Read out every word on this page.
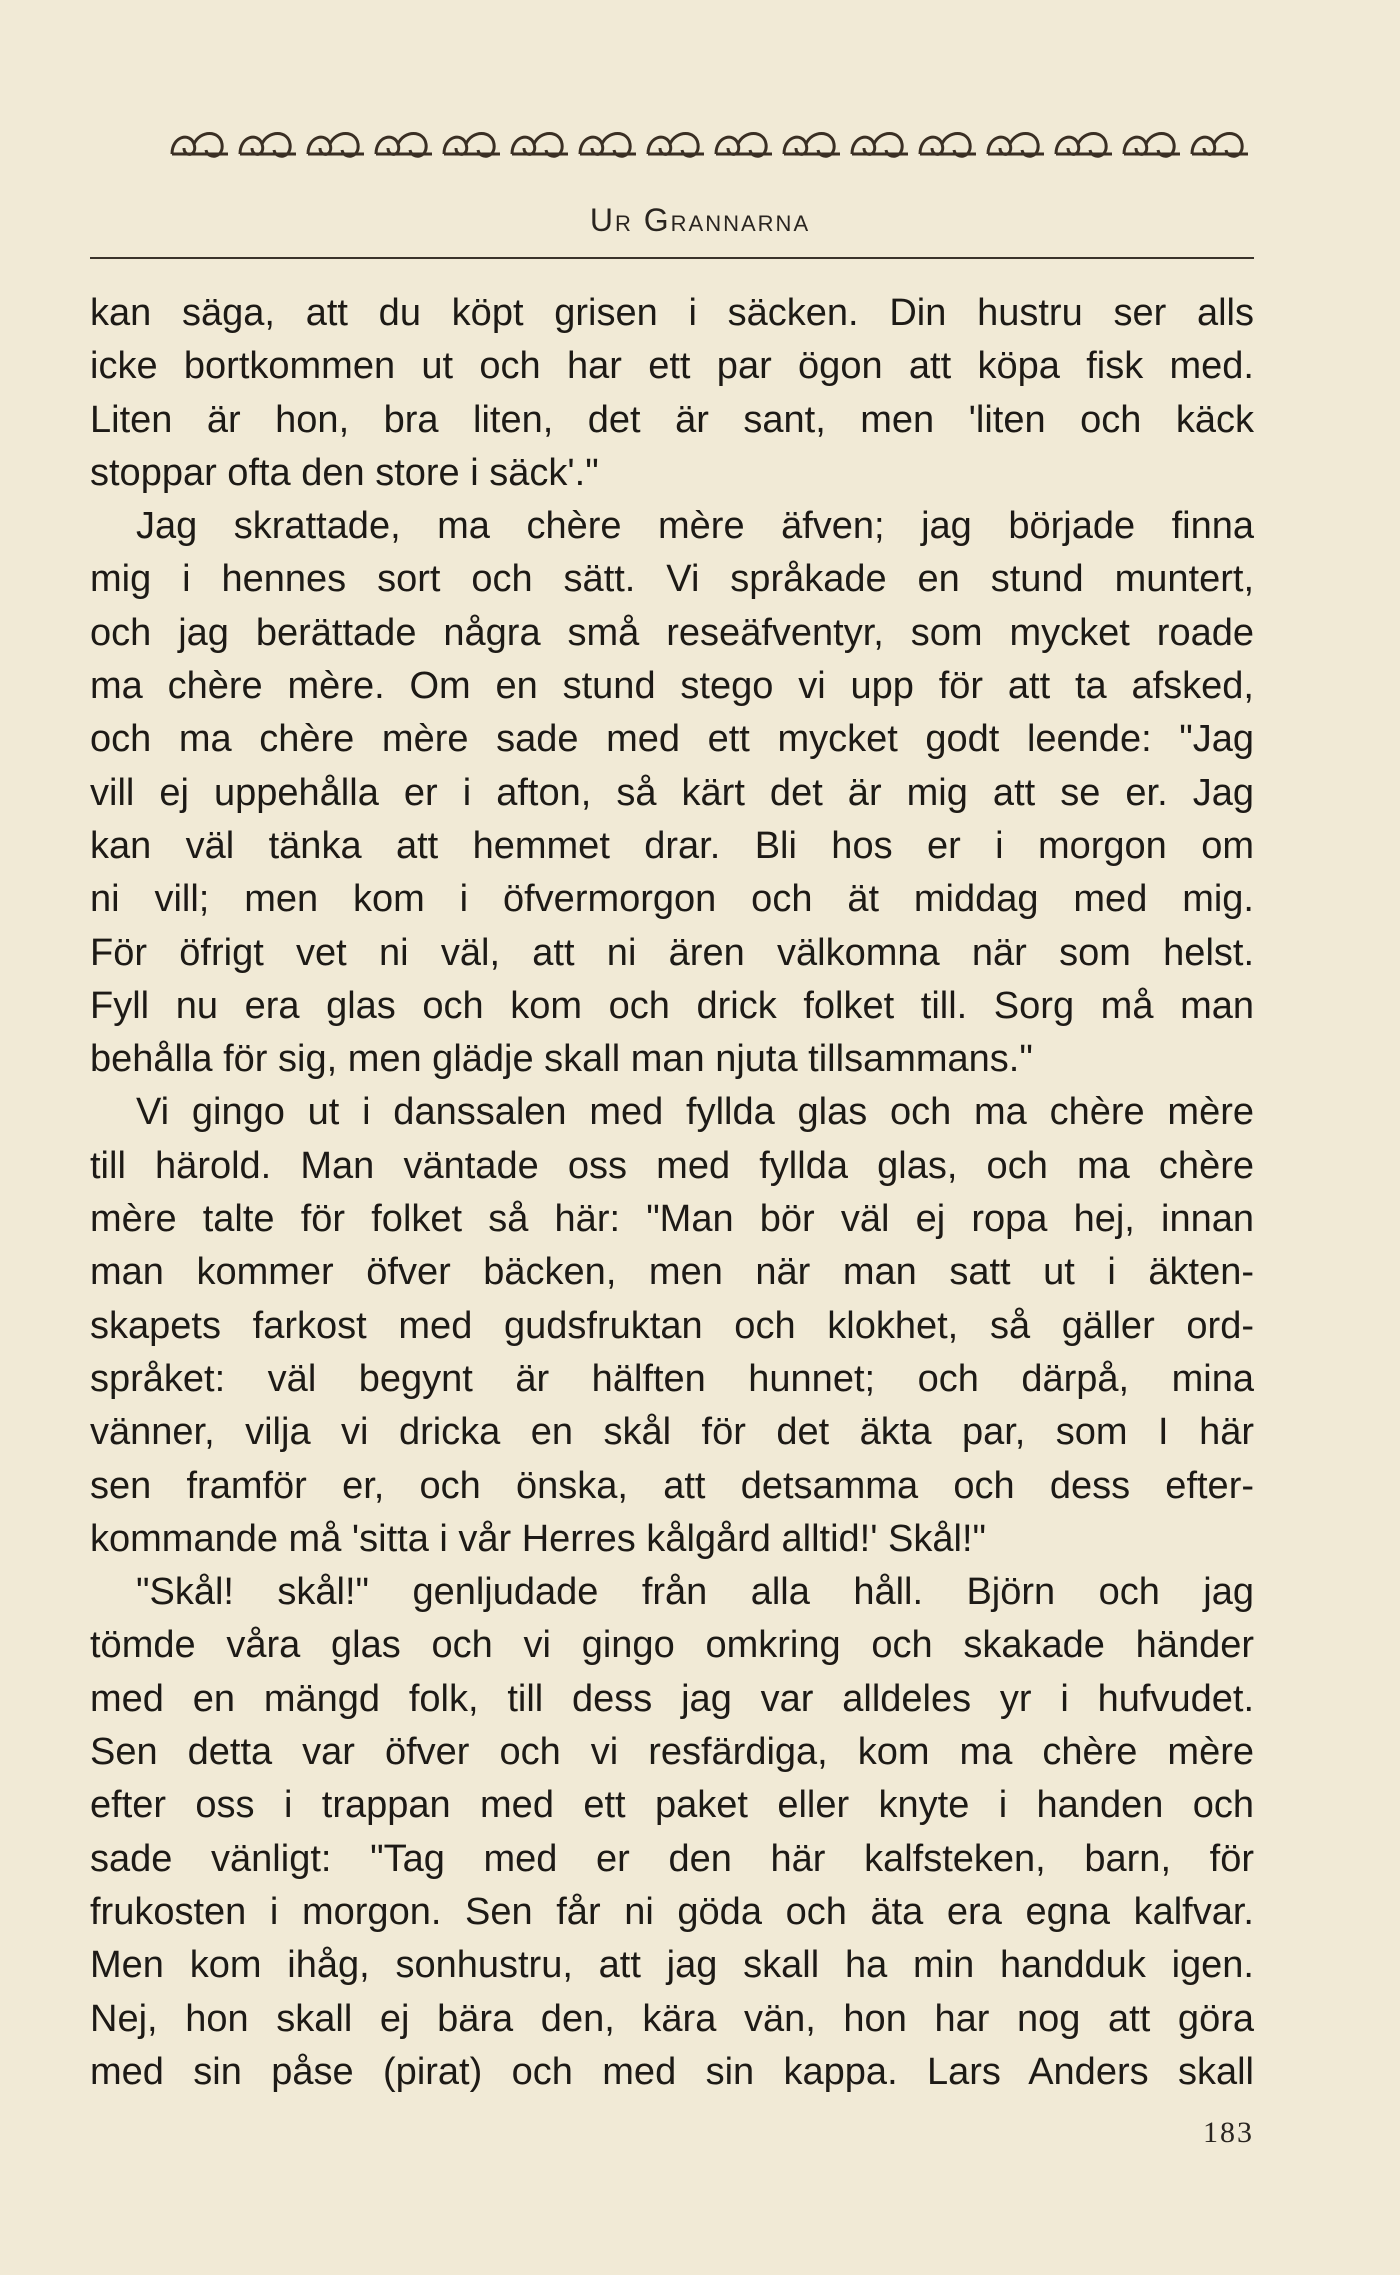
Ur Grannarna
kan säga, att du köpt grisen i säcken. Din hustru ser alls
icke bortkommen ut och har ett par ögon att köpa fisk med.
Liten är hon, bra liten, det är sant, men 'liten och käck
stoppar ofta den store i säck'."
Jag skrattade, ma chère mère äfven; jag började finna
mig i hennes sort och sätt. Vi språkade en stund muntert,
och jag berättade några små reseäfventyr, som mycket roade
ma chère mère. Om en stund stego vi upp för att ta afsked,
och ma chère mère sade med ett mycket godt leende: "Jag
vill ej uppehålla er i afton, så kärt det är mig att se er. Jag
kan väl tänka att hemmet drar. Bli hos er i morgon om
ni vill; men kom i öfvermorgon och ät middag med mig.
För öfrigt vet ni väl, att ni ären välkomna när som helst.
Fyll nu era glas och kom och drick folket till. Sorg må man
behålla för sig, men glädje skall man njuta tillsammans."
Vi gingo ut i danssalen med fyllda glas och ma chère mère
till härold. Man väntade oss med fyllda glas, och ma chère
mère talte för folket så här: "Man bör väl ej ropa hej, innan
man kommer öfver bäcken, men när man satt ut i äkten-
skapets farkost med gudsfruktan och klokhet, så gäller ord-
språket: väl begynt är hälften hunnet; och därpå, mina
vänner, vilja vi dricka en skål för det äkta par, som I här
sen framför er, och önska, att detsamma och dess efter-
kommande må 'sitta i vår Herres kålgård alltid!' Skål!"
"Skål! skål!" genljudade från alla håll. Björn och jag
tömde våra glas och vi gingo omkring och skakade händer
med en mängd folk, till dess jag var alldeles yr i hufvudet.
Sen detta var öfver och vi resfärdiga, kom ma chère mère
efter oss i trappan med ett paket eller knyte i handen och
sade vänligt: "Tag med er den här kalfsteken, barn, för
frukosten i morgon. Sen får ni göda och äta era egna kalfvar.
Men kom ihåg, sonhustru, att jag skall ha min handduk igen.
Nej, hon skall ej bära den, kära vän, hon har nog att göra
med sin påse (pirat) och med sin kappa. Lars Anders skall
183
